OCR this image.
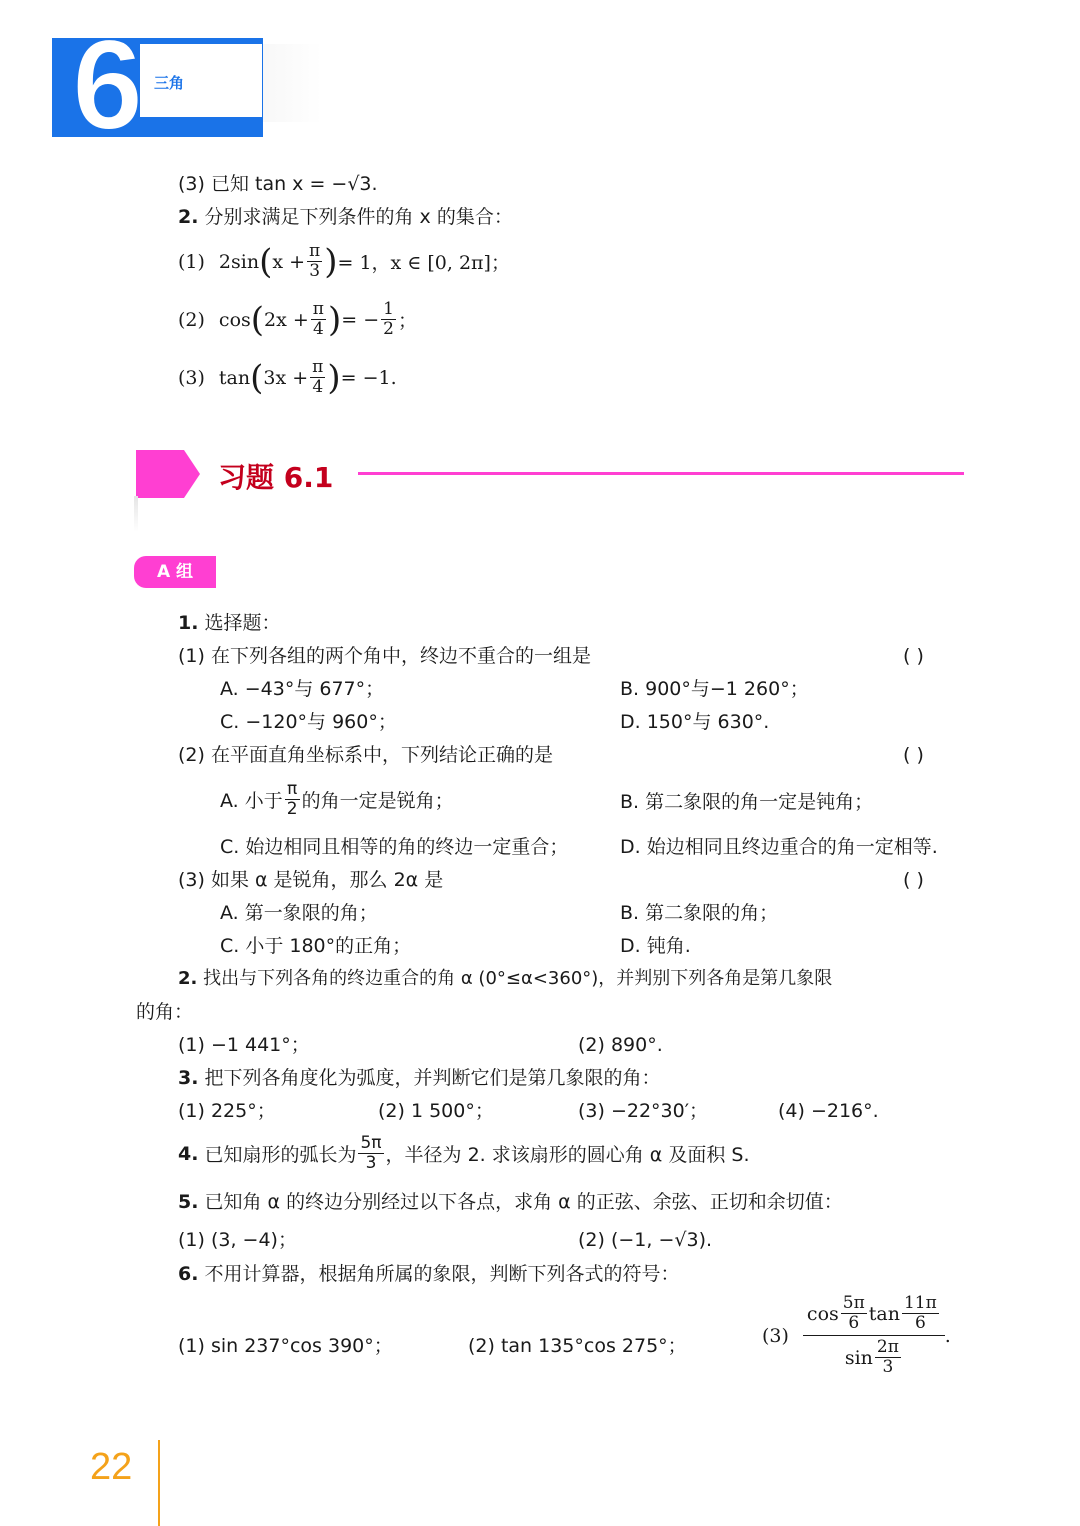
6 三角
(3) 已知 tan x = −√3.
2. 分别求满足下列条件的角 x 的集合：
(1) 2sin ( $x + \frac{\pi}{3}$ ) = 1，x ∈ [0, 2π]；
(2) cos ( $2x + \frac{\pi}{4}$ ) = − $\frac{1}{2}$ ；
(3) tan ( $3x + \frac{\pi}{4}$ ) = −1.
习题 6.1
A 组
1. 选择题：
(1) 在下列各组的两个角中，终边不重合的一组是	( )
A. −43°与 677°；	B. 900°与−1 260°；
C. −120°与 960°；	D. 150°与 630°.
(2) 在平面直角坐标系中，下列结论正确的是	( )
A. 小于 $\frac{\pi}{2}$ 的角一定是锐角；	B. 第二象限的角一定是钝角；
C. 始边相同且相等的角的终边一定重合；	D. 始边相同且终边重合的角一定相等.
(3) 如果 α 是锐角，那么 2α 是	( )
A. 第一象限的角；	B. 第二象限的角；
C. 小于 180°的正角；	D. 钝角.
2. 找出与下列各角的终边重合的角 α (0°≤α<360°)，并判别下列各角是第几象限
的角：
(1) −1 441°；	(2) 890°.
3. 把下列各角度化为弧度，并判断它们是第几象限的角：
(1) 225°；	(2) 1 500°；	(3) −22°30′；	(4) −216°.
4. 已知扇形的弧长为 $\frac{5\pi}{3}$ ，半径为 2. 求该扇形的圆心角 α 及面积 S.
5. 已知角 α 的终边分别经过以下各点，求角 α 的正弦、余弦、正切和余切值：
(1) (3, −4)；	(2) (−1, −√3).
6. 不用计算器，根据角所属的象限，判断下列各式的符号：
(1) sin 237°cos 390°；	(2) tan 135°cos 275°；	(3)
$\cos \frac{5\pi}{6}$ $\tan \frac{11\pi}{6}$
$\sin \frac{2\pi}{3}$
.
22
